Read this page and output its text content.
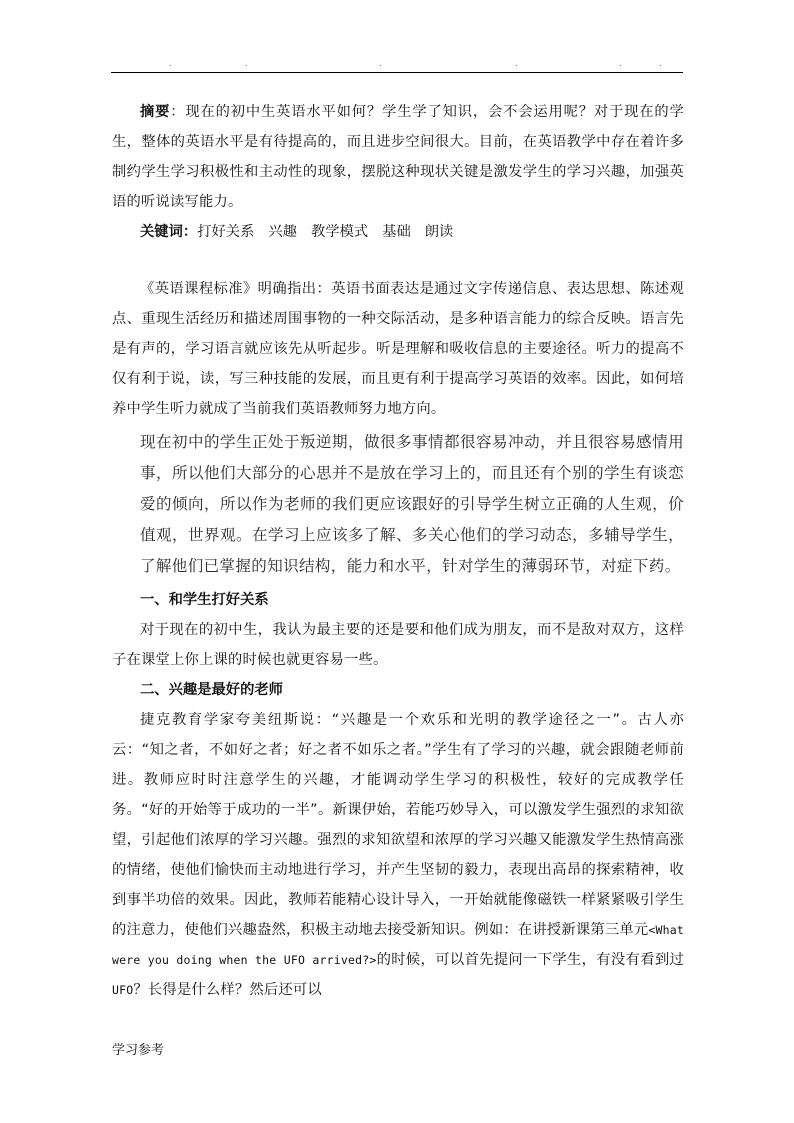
.	.	.	.	.	.

摘要：现在的初中生英语水平如何？学生学了知识，会不会运用呢？对于现在的学生，整体的英语水平是有待提高的，而且进步空间很大。目前，在英语教学中存在着许多制约学生学习积极性和主动性的现象，摆脱这种现状关键是激发学生的学习兴趣，加强英语的听说读写能力。

关键词：打好关系 兴趣 教学模式 基础 朗读

《英语课程标准》明确指出：英语书面表达是通过文字传递信息、表达思想、陈述观点、重现生活经历和描述周围事物的一种交际活动，是多种语言能力的综合反映。语言先是有声的，学习语言就应该先从听起步。听是理解和吸收信息的主要途径。听力的提高不仅有利于说，读，写三种技能的发展，而且更有利于提高学习英语的效率。因此，如何培养中学生听力就成了当前我们英语教师努力地方向。

现在初中的学生正处于叛逆期，做很多事情都很容易冲动，并且很容易感情用事，所以他们大部分的心思并不是放在学习上的，而且还有个别的学生有谈恋爱的倾向，所以作为老师的我们更应该跟好的引导学生树立正确的人生观，价值观，世界观。在学习上应该多了解、多关心他们的学习动态，多辅导学生，了解他们已掌握的知识结构，能力和水平，针对学生的薄弱环节，对症下药。

一、和学生打好关系

对于现在的初中生，我认为最主要的还是要和他们成为朋友，而不是敌对双方，这样子在课堂上你上课的时候也就更容易一些。

二、兴趣是最好的老师

捷克教育学家夸美纽斯说：“兴趣是一个欢乐和光明的教学途径之一”。古人亦云：“知之者，不如好之者；好之者不如乐之者。”学生有了学习的兴趣，就会跟随老师前进。教师应时时注意学生的兴趣，才能调动学生学习的积极性，较好的完成教学任务。“好的开始等于成功的一半”。新课伊始，若能巧妙导入，可以激发学生强烈的求知欲望，引起他们浓厚的学习兴趣。强烈的求知欲望和浓厚的学习兴趣又能激发学生热情高涨的情绪，使他们愉快而主动地进行学习，并产生坚韧的毅力，表现出高昂的探索精神，收到事半功倍的效果。因此，教师若能精心设计导入，一开始就能像磁铁一样紧紧吸引学生的注意力，使他们兴趣盎然，积极主动地去接受新知识。例如：在讲授新课第三单元<What were you doing when the UFO arrived?>的时候，可以首先提问一下学生，有没有看到过UFO？长得是什么样？然后还可以

学习参考
